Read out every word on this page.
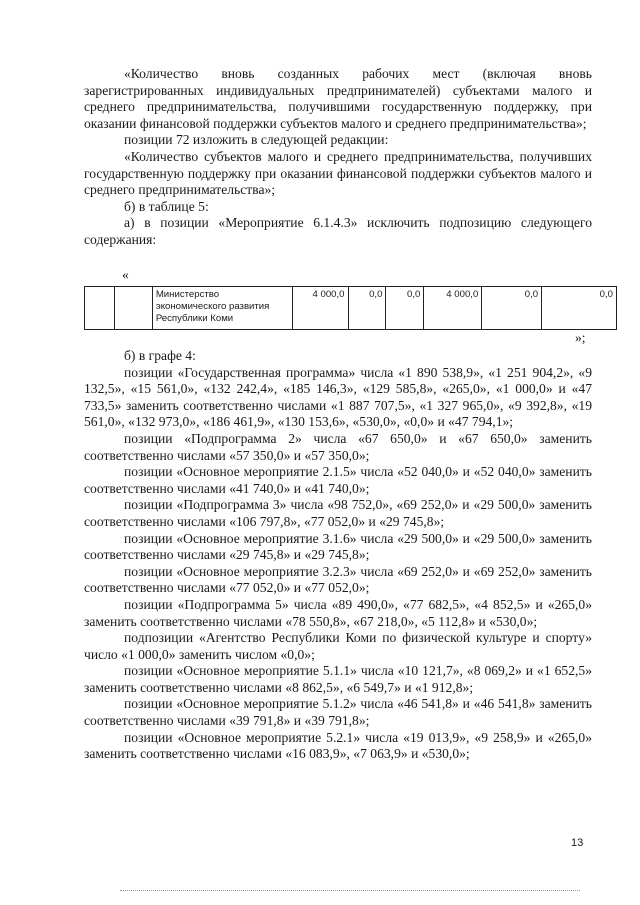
«Количество вновь созданных рабочих мест (включая вновь зарегистрированных индивидуальных предпринимателей) субъектами малого и среднего предпринимательства, получившими государственную поддержку, при оказании финансовой поддержки субъектов малого и среднего предпринимательства»;

позиции 72 изложить в следующей редакции:

«Количество субъектов малого и среднего предпринимательства, получивших государственную поддержку при оказании финансовой поддержки субъектов малого и среднего предпринимательства»;

б) в таблице 5:

а) в позиции «Мероприятие 6.1.4.3» исключить подпозицию следующего содержания:

«
		Министерство экономического развития Республики Коми	4 000,0	0,0	0,0	4 000,0	0,0	0,0
»;

б) в графе 4:

позиции «Государственная программа» числа «1 890 538,9», «1 251 904,2», «9 132,5», «15 561,0», «132 242,4», «185 146,3», «129 585,8», «265,0», «1 000,0» и «47 733,5» заменить соответственно числами «1 887 707,5», «1 327 965,0», «9 392,8», «19 561,0», «132 973,0», «186 461,9», «130 153,6», «530,0», «0,0» и «47 794,1»;

позиции «Подпрограмма 2» числа «67 650,0» и «67 650,0» заменить соответственно числами «57 350,0» и «57 350,0»;

позиции «Основное мероприятие 2.1.5» числа «52 040,0» и «52 040,0» заменить соответственно числами «41 740,0» и «41 740,0»;

позиции «Подпрограмма 3» числа «98 752,0», «69 252,0» и «29 500,0» заменить соответственно числами «106 797,8», «77 052,0» и «29 745,8»;

позиции «Основное мероприятие 3.1.6» числа «29 500,0» и «29 500,0» заменить соответственно числами «29 745,8» и «29 745,8»;

позиции «Основное мероприятие 3.2.3» числа «69 252,0» и «69 252,0» заменить соответственно числами «77 052,0» и «77 052,0»;

позиции «Подпрограмма 5» числа «89 490,0», «77 682,5», «4 852,5» и «265,0» заменить соответственно числами «78 550,8», «67 218,0», «5 112,8» и «530,0»;

подпозиции «Агентство Республики Коми по физической культуре и спорту» число «1 000,0» заменить числом «0,0»;

позиции «Основное мероприятие 5.1.1» числа «10 121,7», «8 069,2» и «1 652,5» заменить соответственно числами «8 862,5», «6 549,7» и «1 912,8»;

позиции «Основное мероприятие 5.1.2» числа «46 541,8» и «46 541,8» заменить соответственно числами «39 791,8» и «39 791,8»;

позиции «Основное мероприятие 5.2.1» числа «19 013,9», «9 258,9» и «265,0» заменить соответственно числами «16 083,9», «7 063,9» и «530,0»;

13
